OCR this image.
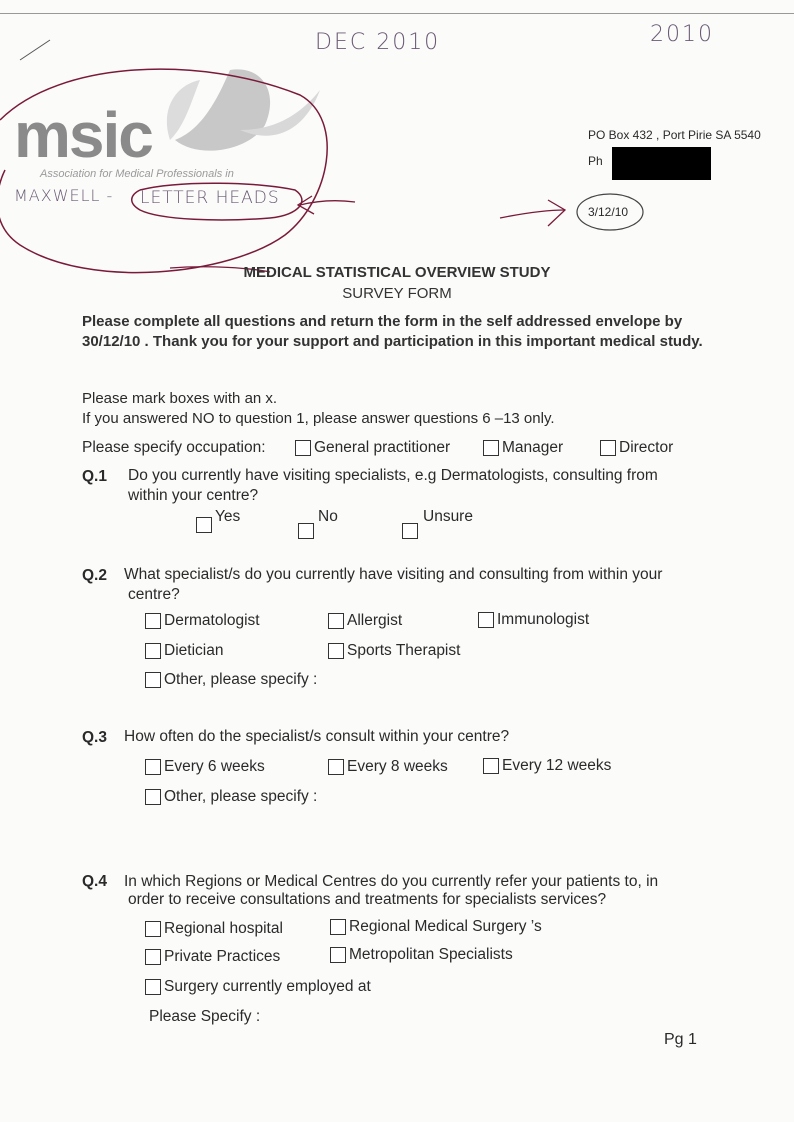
DEC 2010	2010
MAXWELL - LETTER HEADS
msic
Association for Medical Professionals in
3/12/10
PO Box 432 , Port Pirie SA 5540
Ph
MEDICAL STATISTICAL OVERVIEW STUDY
SURVEY FORM
Please complete all questions and return the form in the self addressed envelope by
30/12/10 . Thank you for your support and participation in this important medical study.
Please mark boxes with an x.
If you answered NO to question 1, please answer questions 6 –13 only.
Please specify occupation:	General practitioner	Manager	Director
Q.1 Do you currently have visiting specialists, e.g Dermatologists, consulting from
within your centre?
Yes	No	Unsure
Q.2 What specialist/s do you currently have visiting and consulting from within your
centre?
Dermatologist	Allergist	Immunologist
Dietician	Sports Therapist
Other, please specify :
Q.3 How often do the specialist/s consult within your centre?
Every 6 weeks	Every 8 weeks	Every 12 weeks
Other, please specify :
Q.4 In which Regions or Medical Centres do you currently refer your patients to, in
order to receive consultations and treatments for specialists services?
Regional hospital	Regional Medical Surgery ’s
Private Practices	Metropolitan Specialists
Surgery currently employed at
Please Specify :
Pg 1
